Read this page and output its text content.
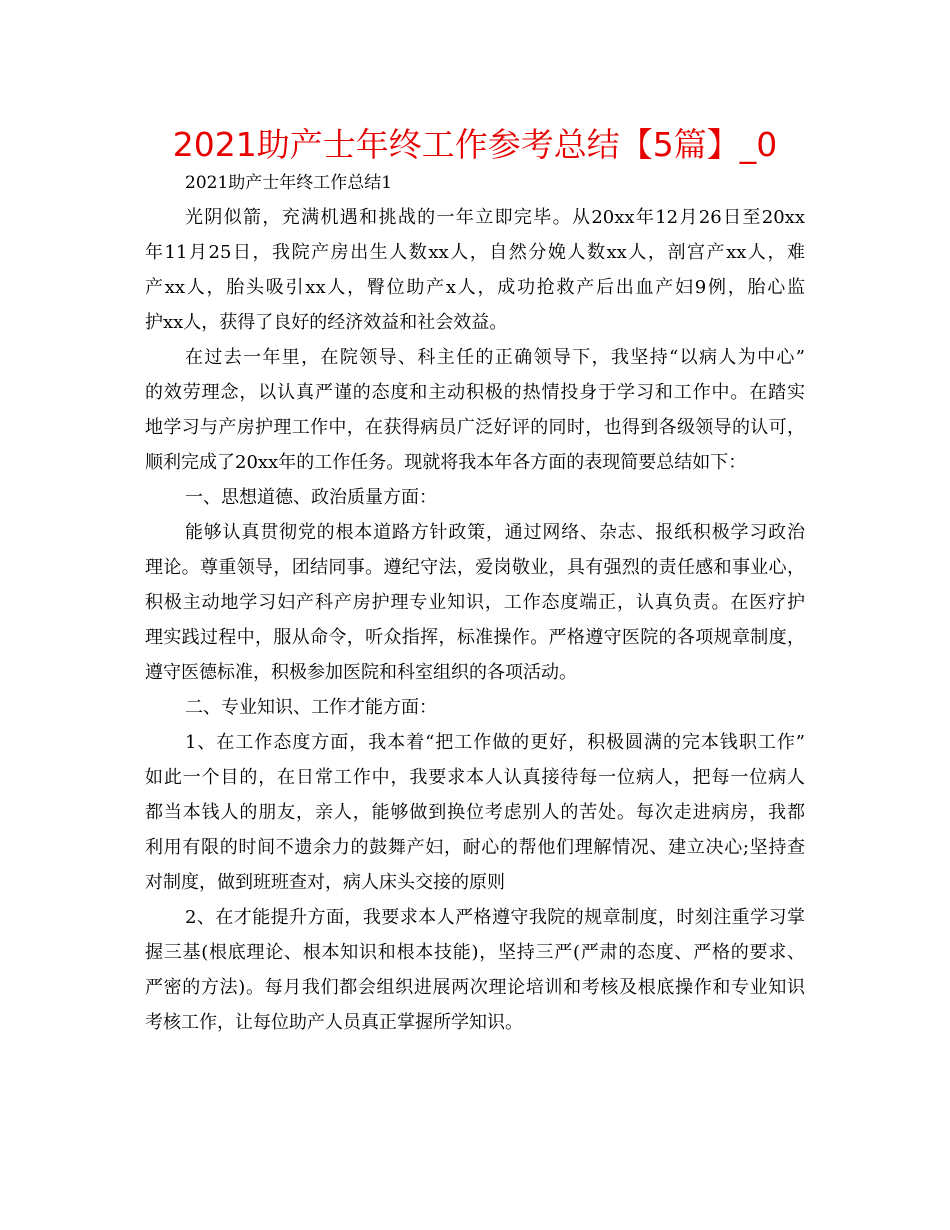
2021助产士年终工作参考总结【5篇】_0
2021助产士年终工作总结1
光阴似箭，充满机遇和挑战的一年立即完毕。从20xx年12月26日至20xx
年11月25日，我院产房出生人数xx人，自然分娩人数xx人，剖宫产xx人，难
产xx人，胎头吸引xx人，臀位助产x人，成功抢救产后出血产妇9例，胎心监
护xx人，获得了良好的经济效益和社会效益。
在过去一年里，在院领导、科主任的正确领导下，我坚持“以病人为中心”
的效劳理念，以认真严谨的态度和主动积极的热情投身于学习和工作中。在踏实
地学习与产房护理工作中，在获得病员广泛好评的同时，也得到各级领导的认可，
顺利完成了20xx年的工作任务。现就将我本年各方面的表现简要总结如下：
一、思想道德、政治质量方面：
能够认真贯彻党的根本道路方针政策，通过网络、杂志、报纸积极学习政治
理论。尊重领导，团结同事。遵纪守法，爱岗敬业，具有强烈的责任感和事业心，
积极主动地学习妇产科产房护理专业知识，工作态度端正，认真负责。在医疗护
理实践过程中，服从命令，听众指挥，标准操作。严格遵守医院的各项规章制度，
遵守医德标准，积极参加医院和科室组织的各项活动。
二、专业知识、工作才能方面：
1、在工作态度方面，我本着“把工作做的更好，积极圆满的完本钱职工作”
如此一个目的，在日常工作中，我要求本人认真接待每一位病人，把每一位病人
都当本钱人的朋友，亲人，能够做到换位考虑别人的苦处。每次走进病房，我都
利用有限的时间不遗余力的鼓舞产妇，耐心的帮他们理解情况、建立决心;坚持查
对制度，做到班班查对，病人床头交接的原则
2、在才能提升方面，我要求本人严格遵守我院的规章制度，时刻注重学习掌
握三基(根底理论、根本知识和根本技能)，坚持三严(严肃的态度、严格的要求、
严密的方法)。每月我们都会组织进展两次理论培训和考核及根底操作和专业知识
考核工作，让每位助产人员真正掌握所学知识。
